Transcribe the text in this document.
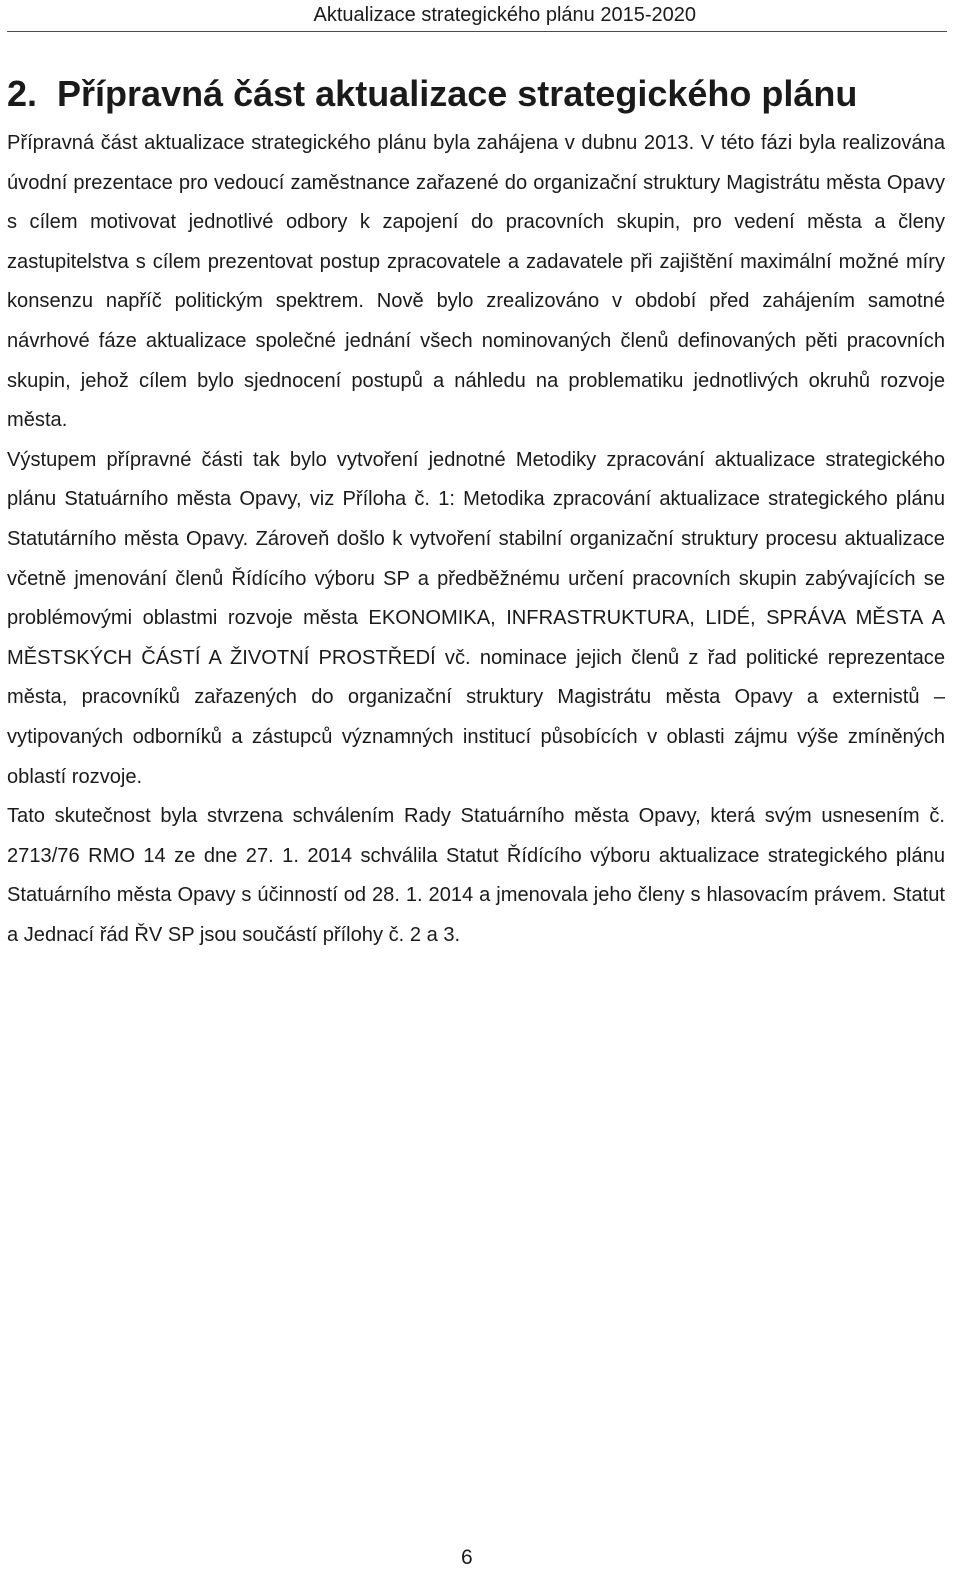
Aktualizace strategického plánu 2015-2020
2.  Přípravná část aktualizace strategického plánu

Přípravná část aktualizace strategického plánu byla zahájena v dubnu 2013. V této fázi byla realizována úvodní prezentace pro vedoucí zaměstnance zařazené do organizační struktury Magistrátu města Opavy s cílem motivovat jednotlivé odbory k zapojení do pracovních skupin, pro vedení města a členy zastupitelstva s cílem prezentovat postup zpracovatele a zadavatele při zajištění maximální možné míry konsenzu napříč politickým spektrem. Nově bylo zrealizováno v období před zahájením samotné návrhové fáze aktualizace společné jednání všech nominovaných členů definovaných pěti pracovních skupin, jehož cílem bylo sjednocení postupů a náhledu na problematiku jednotlivých okruhů rozvoje města.

Výstupem přípravné části tak bylo vytvoření jednotné Metodiky zpracování aktualizace strategického plánu Statuárního města Opavy, viz Příloha č. 1: Metodika zpracování aktualizace strategického plánu Statutárního města Opavy. Zároveň došlo k vytvoření stabilní organizační struktury procesu aktualizace včetně jmenování členů Řídícího výboru SP a předběžnému určení pracovních skupin zabývajících se problémovými oblastmi rozvoje města EKONOMIKA, INFRASTRUKTURA, LIDÉ, SPRÁVA MĚSTA A MĚSTSKÝCH ČÁSTÍ A ŽIVOTNÍ PROSTŘEDÍ vč. nominace jejich členů z řad politické reprezentace města, pracovníků zařazených do organizační struktury Magistrátu města Opavy a externistů – vytipovaných odborníků a zástupců významných institucí působících v oblasti zájmu výše zmíněných oblastí rozvoje.

Tato skutečnost byla stvrzena schválením Rady Statuárního města Opavy, která svým usnesením č. 2713/76 RMO 14 ze dne 27. 1. 2014 schválila Statut Řídícího výboru aktualizace strategického plánu Statuárního města Opavy s účinností od 28. 1. 2014 a jmenovala jeho členy s hlasovacím právem. Statut a Jednací řád ŘV SP jsou součástí přílohy č. 2 a 3.

6
